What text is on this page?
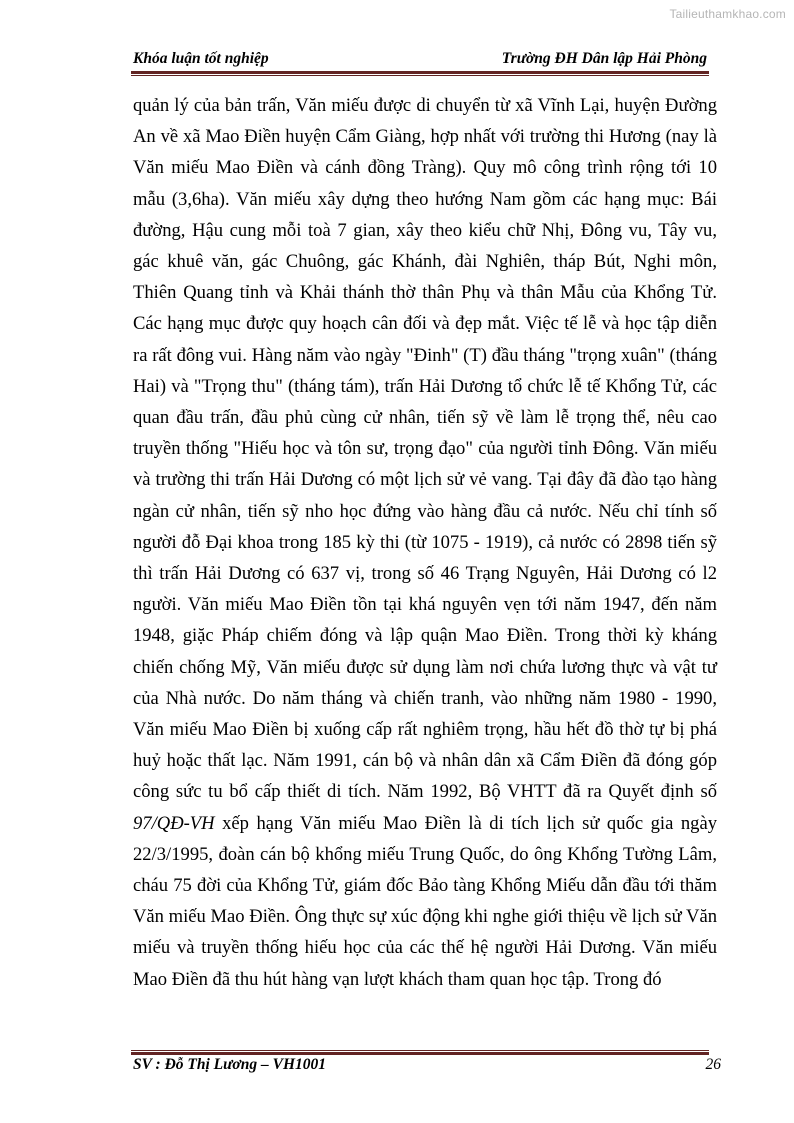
Tailieuthamkhao.com
Khóa luận tốt nghiệp	Trường ĐH Dân lập Hải Phòng

quản lý của bản trấn, Văn miếu được di chuyển từ xã Vĩnh Lại, huyện Đường An về xã Mao Điền huyện Cẩm Giàng, hợp nhất với trường thi Hương (nay là Văn miếu Mao Điền và cánh đồng Tràng). Quy mô công trình rộng tới 10 mẫu (3,6ha). Văn miếu xây dựng theo hướng Nam gồm các hạng mục: Bái đường, Hậu cung mỗi toà 7 gian, xây theo kiểu chữ Nhị, Đông vu, Tây vu, gác khuê văn, gác Chuông, gác Khánh, đài Nghiên, tháp Bút, Nghi môn, Thiên Quang tỉnh và Khải thánh thờ thân Phụ và thân Mẫu của Khổng Tử. Các hạng mục được quy hoạch cân đối và đẹp mắt. Việc tế lễ và học tập diễn ra rất đông vui. Hàng năm vào ngày "Đinh" (T) đầu tháng "trọng xuân" (tháng Hai) và "Trọng thu" (tháng tám), trấn Hải Dương tổ chức lễ tế Khổng Tử, các quan đầu trấn, đầu phủ cùng cử nhân, tiến sỹ về làm lễ trọng thể, nêu cao truyền thống "Hiếu học và tôn sư, trọng đạo" của người tỉnh Đông. Văn miếu và trường thi trấn Hải Dương có một lịch sử vẻ vang. Tại đây đã đào tạo hàng ngàn cử nhân, tiến sỹ nho học đứng vào hàng đầu cả nước. Nếu chỉ tính số người đỗ Đại khoa trong 185 kỳ thi (từ 1075 - 1919), cả nước có 2898 tiến sỹ thì trấn Hải Dương có 637 vị, trong số 46 Trạng Nguyên, Hải Dương có l2 người. Văn miếu Mao Điền tồn tại khá nguyên vẹn tới năm 1947, đến năm 1948, giặc Pháp chiếm đóng và lập quận Mao Điền. Trong thời kỳ kháng chiến chống Mỹ, Văn miếu được sử dụng làm nơi chứa lương thực và vật tư của Nhà nước. Do năm tháng và chiến tranh, vào những năm 1980 - 1990, Văn miếu Mao Điền bị xuống cấp rất nghiêm trọng, hầu hết đồ thờ tự bị phá huỷ hoặc thất lạc. Năm 1991, cán bộ và nhân dân xã Cẩm Điền đã đóng góp công sức tu bổ cấp thiết di tích. Năm 1992, Bộ VHTT đã ra Quyết định số 97/QĐ-VH xếp hạng Văn miếu Mao Điền là di tích lịch sử quốc gia ngày 22/3/1995, đoàn cán bộ khổng miếu Trung Quốc, do ông Khổng Tường Lâm, cháu 75 đời của Khổng Tử, giám đốc Bảo tàng Khổng Miếu dẫn đầu tới thăm Văn miếu Mao Điền. Ông thực sự xúc động khi nghe giới thiệu về lịch sử Văn miếu và truyền thống hiếu học của các thế hệ người Hải Dương. Văn miếu Mao Điền đã thu hút hàng vạn lượt khách tham quan học tập. Trong đó

SV : Đỗ Thị Lương – VH1001	26
